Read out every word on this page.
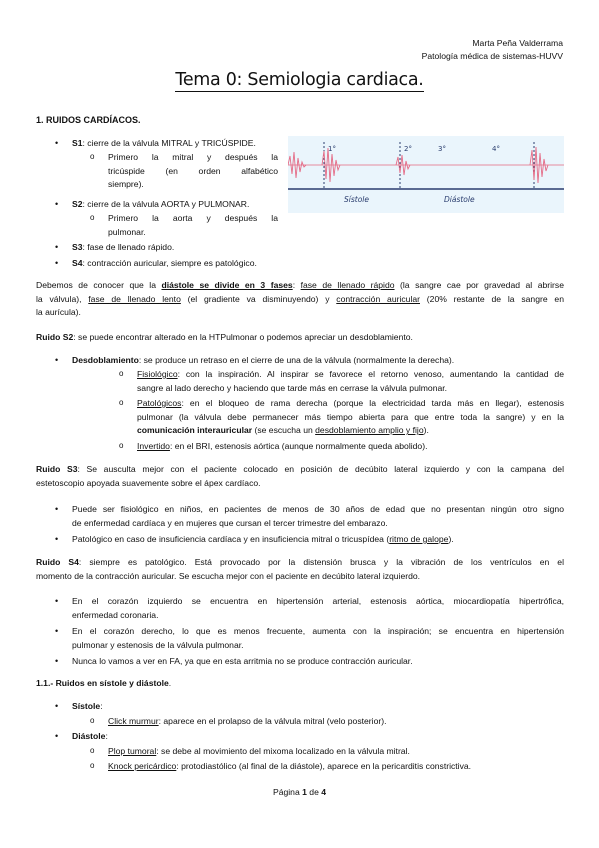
Marta Peña Valderrama
Patología médica de sistemas-HUVV
Tema 0: Semiologia cardiaca.
1. RUIDOS CARDÍACOS.
• S1: cierre de la válvula MITRAL y TRICÚSPIDE.
o Primero la mitral y después la
tricúspide (en orden alfabético
siempre).
• S2: cierre de la válvula AORTA y PULMONAR.
o Primero la aorta y después la
pulmonar.
• S3: fase de llenado rápido.
• S4: contracción auricular, siempre es patológico.
1°	2°	3°	4°
Sístole	Diástole
Debemos de conocer que la diástole se divide en 3 fases: fase de llenado rápido (la sangre cae por gravedad al abrirse
la válvula), fase de llenado lento (el gradiente va disminuyendo) y contracción auricular (20% restante de la sangre en
la aurícula).
Ruido S2: se puede encontrar alterado en la HTPulmonar o podemos apreciar un desdoblamiento.
• Desdoblamiento: se produce un retraso en el cierre de una de la válvula (normalmente la derecha).
o Fisiológico: con la inspiración. Al inspirar se favorece el retorno venoso, aumentando la cantidad de
sangre al lado derecho y haciendo que tarde más en cerrase la válvula pulmonar.
o Patológicos: en el bloqueo de rama derecha (porque la electricidad tarda más en llegar), estenosis
pulmonar (la válvula debe permanecer más tiempo abierta para que entre toda la sangre) y en la
comunicación interauricular (se escucha un desdoblamiento amplio y fijo).
o Invertido: en el BRI, estenosis aórtica (aunque normalmente queda abolido).
Ruido S3: Se ausculta mejor con el paciente colocado en posición de decúbito lateral izquierdo y con la campana del
estetoscopio apoyada suavemente sobre el ápex cardíaco.
• Puede ser fisiológico en niños, en pacientes de menos de 30 años de edad que no presentan ningún otro signo
de enfermedad cardíaca y en mujeres que cursan el tercer trimestre del embarazo.
• Patológico en caso de insuficiencia cardíaca y en insuficiencia mitral o tricuspídea (ritmo de galope).
Ruido S4: siempre es patológico. Está provocado por la distensión brusca y la vibración de los ventrículos en el
momento de la contracción auricular. Se escucha mejor con el paciente en decúbito lateral izquierdo.
• En el corazón izquierdo se encuentra en hipertensión arterial, estenosis aórtica, miocardiopatía hipertrófica,
enfermedad coronaria.
• En el corazón derecho, lo que es menos frecuente, aumenta con la inspiración; se encuentra en hipertensión
pulmonar y estenosis de la válvula pulmonar.
• Nunca lo vamos a ver en FA, ya que en esta arritmia no se produce contracción auricular.
1.1.- Ruidos en sístole y diástole.
• Sístole:
o Click murmur: aparece en el prolapso de la válvula mitral (velo posterior).
• Diástole:
o Plop tumoral: se debe al movimiento del mixoma localizado en la válvula mitral.
o Knock pericárdico: protodiastólico (al final de la diástole), aparece en la pericarditis constrictiva.
Página 1 de 4
